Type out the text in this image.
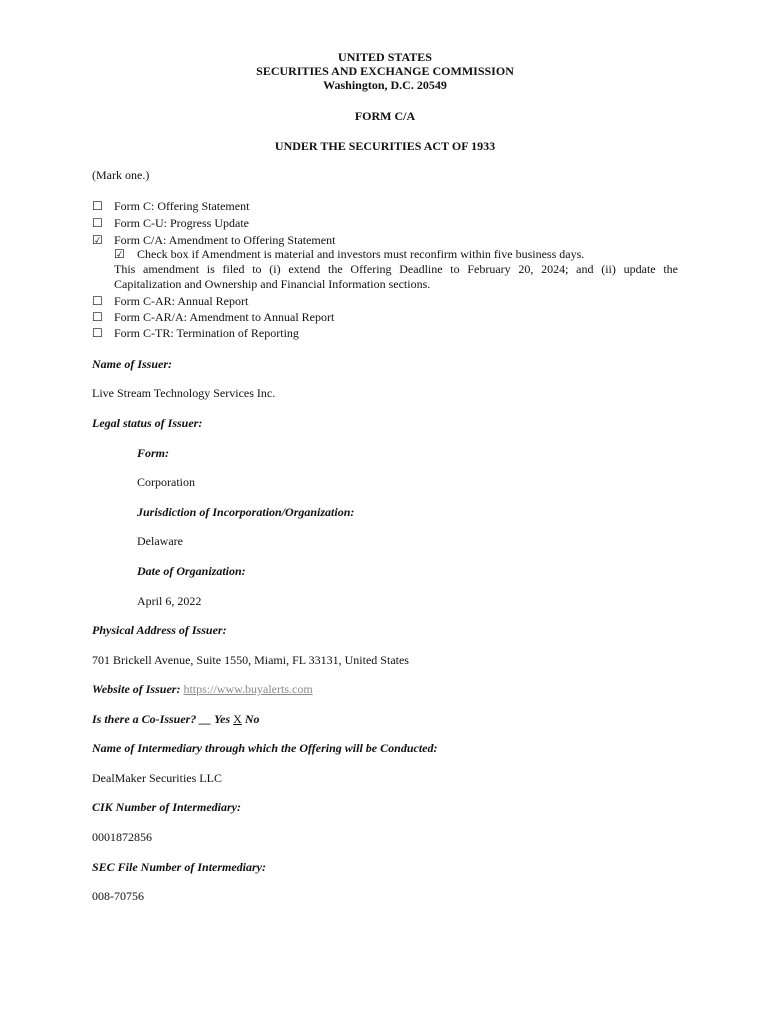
UNITED STATES
SECURITIES AND EXCHANGE COMMISSION
Washington, D.C. 20549
FORM C/A
UNDER THE SECURITIES ACT OF 1933
(Mark one.)
☐ Form C: Offering Statement
☐ Form C-U: Progress Update
☑ Form C/A: Amendment to Offering Statement
☑ Check box if Amendment is material and investors must reconfirm within five business days.
This amendment is filed to (i) extend the Offering Deadline to February 20, 2024; and (ii) update the
Capitalization and Ownership and Financial Information sections.
☐ Form C-AR: Annual Report
☐ Form C-AR/A: Amendment to Annual Report
☐ Form C-TR: Termination of Reporting
Name of Issuer:
Live Stream Technology Services Inc.
Legal status of Issuer:
Form:
Corporation
Jurisdiction of Incorporation/Organization:
Delaware
Date of Organization:
April 6, 2022
Physical Address of Issuer:
701 Brickell Avenue, Suite 1550, Miami, FL 33131, United States
Website of Issuer: https://www.buyalerts.com
Is there a Co-Issuer? __ Yes X No
Name of Intermediary through which the Offering will be Conducted:
DealMaker Securities LLC
CIK Number of Intermediary:
0001872856
SEC File Number of Intermediary:
008-70756
